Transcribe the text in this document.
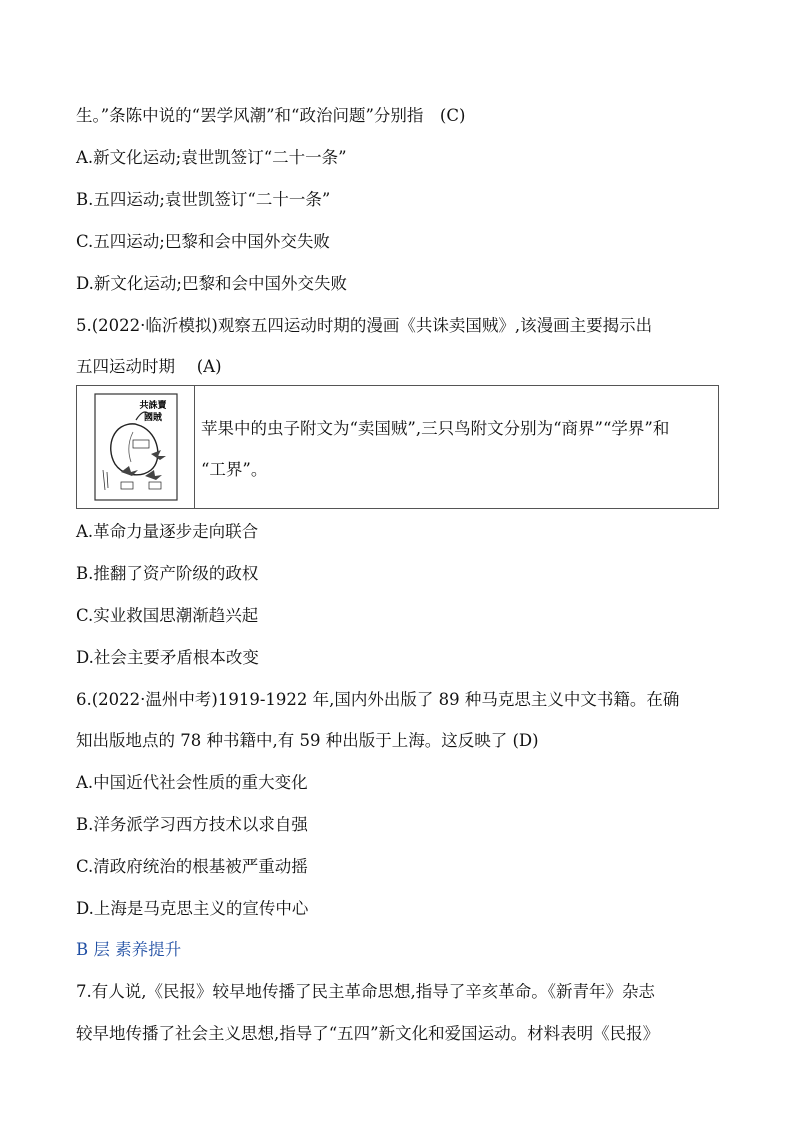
生。”条陈中说的“罢学风潮”和“政治问题”分别指　(C)
A.新文化运动;袁世凯签订“二十一条”
B.五四运动;袁世凯签订“二十一条”
C.五四运动;巴黎和会中国外交失败
D.新文化运动;巴黎和会中国外交失败
5.(2022·临沂模拟)观察五四运动时期的漫画《共诛卖国贼》,该漫画主要揭示出
五四运动时期　 (A)
共誅賣
國賊
苹果中的虫子附文为“卖国贼”,三只鸟附文分别为“商界”“学界”和
“工界”。
A.革命力量逐步走向联合
B.推翻了资产阶级的政权
C.实业救国思潮渐趋兴起
D.社会主要矛盾根本改变
6.(2022·温州中考)1919-1922 年,国内外出版了 89 种马克思主义中文书籍。在确
知出版地点的 78 种书籍中,有 59 种出版于上海。这反映了 (D)
A.中国近代社会性质的重大变化
B.洋务派学习西方技术以求自强
C.清政府统治的根基被严重动摇
D.上海是马克思主义的宣传中心
B 层 素养提升
7.有人说,《民报》较早地传播了民主革命思想,指导了辛亥革命。《新青年》杂志
较早地传播了社会主义思想,指导了“五四”新文化和爱国运动。材料表明《民报》
